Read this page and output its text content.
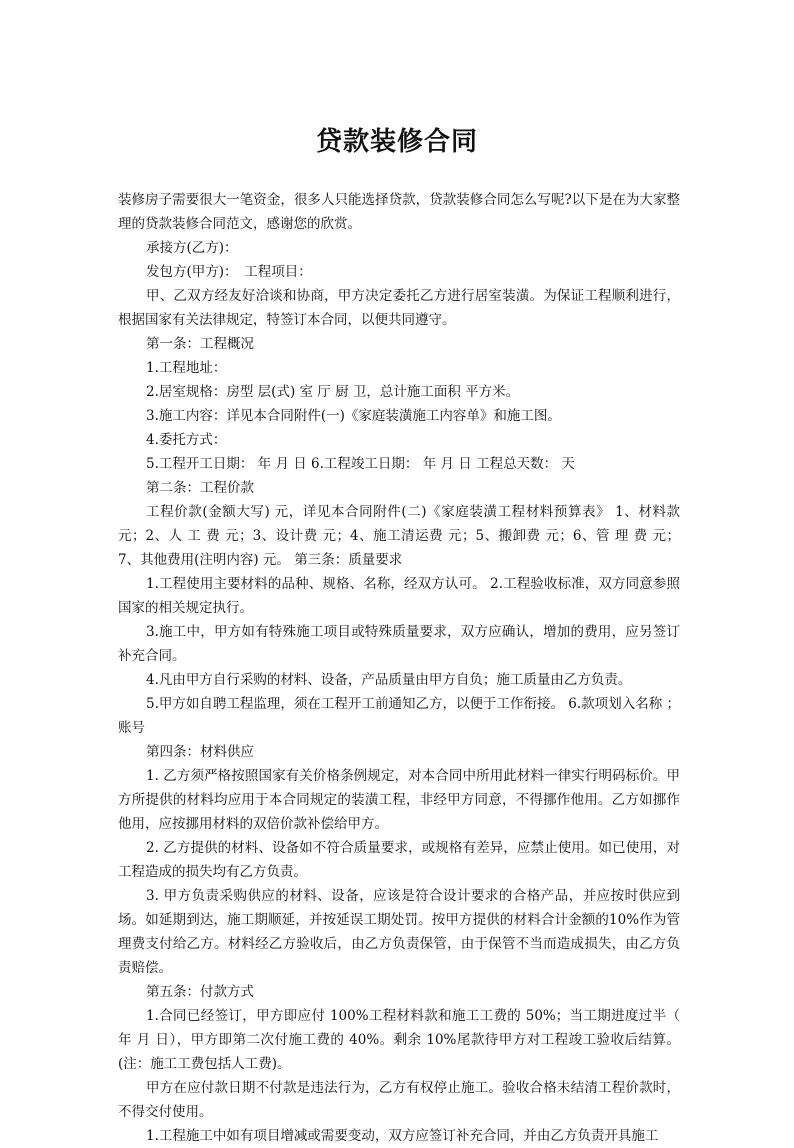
贷款装修合同

装修房子需要很大一笔资金，很多人只能选择贷款，贷款装修合同怎么写呢?以下是在为大家整理的贷款装修合同范文，感谢您的欣赏。

承接方(乙方)：

发包方(甲方)：　工程项目：

甲、乙双方经友好洽谈和协商，甲方决定委托乙方进行居室装潢。为保证工程顺利进行，根据国家有关法律规定，特签订本合同，以便共同遵守。

第一条：工程概况

1.工程地址：

2.居室规格：房型 层(式) 室 厅 厨 卫，总计施工面积 平方米。

3.施工内容：详见本合同附件(一)《家庭装潢施工内容单》和施工图。

4.委托方式：

5.工程开工日期： 年 月 日 6.工程竣工日期： 年 月 日 工程总天数： 天

第二条：工程价款

工程价款(金额大写) 元，详见本合同附件(二)《家庭装潢工程材料预算表》 1、材料款 元；2、人 工 费 元；3、设计费 元；4、施工清运费 元；5、搬卸费 元；6、管 理 费 元；7、其他费用(注明内容) 元。 第三条：质量要求

1.工程使用主要材料的品种、规格、名称，经双方认可。 2.工程验收标准，双方同意参照国家的相关规定执行。

3.施工中，甲方如有特殊施工项目或特殊质量要求，双方应确认，增加的费用，应另签订补充合同。

4.凡由甲方自行采购的材料、设备，产品质量由甲方自负；施工质量由乙方负责。

5.甲方如自聘工程监理，须在工程开工前通知乙方，以便于工作衔接。 6.款项划入名称 ；账号

第四条：材料供应

1. 乙方须严格按照国家有关价格条例规定，对本合同中所用此材料一律实行明码标价。甲方所提供的材料均应用于本合同规定的装潢工程，非经甲方同意，不得挪作他用。乙方如挪作他用，应按挪用材料的双倍价款补偿给甲方。

2. 乙方提供的材料、设备如不符合质量要求，或规格有差异，应禁止使用。如已使用，对工程造成的损失均有乙方负责。

3. 甲方负责采购供应的材料、设备，应该是符合设计要求的合格产品，并应按时供应到场。如延期到达，施工期顺延，并按延误工期处罚。按甲方提供的材料合计金额的10%作为管理费支付给乙方。材料经乙方验收后，由乙方负责保管，由于保管不当而造成损失，由乙方负责赔偿。

第五条：付款方式

1.合同已经签订，甲方即应付 100%工程材料款和施工工费的 50%；当工期进度过半（ 年 月 日），甲方即第二次付施工费的 40%。剩余 10%尾款待甲方对工程竣工验收后结算。(注：施工工费包括人工费)。

甲方在应付款日期不付款是违法行为，乙方有权停止施工。验收合格未结清工程价款时，不得交付使用。

1.工程施工中如有项目增减或需要变动，双方应签订补充合同，并由乙方负责开具施工
